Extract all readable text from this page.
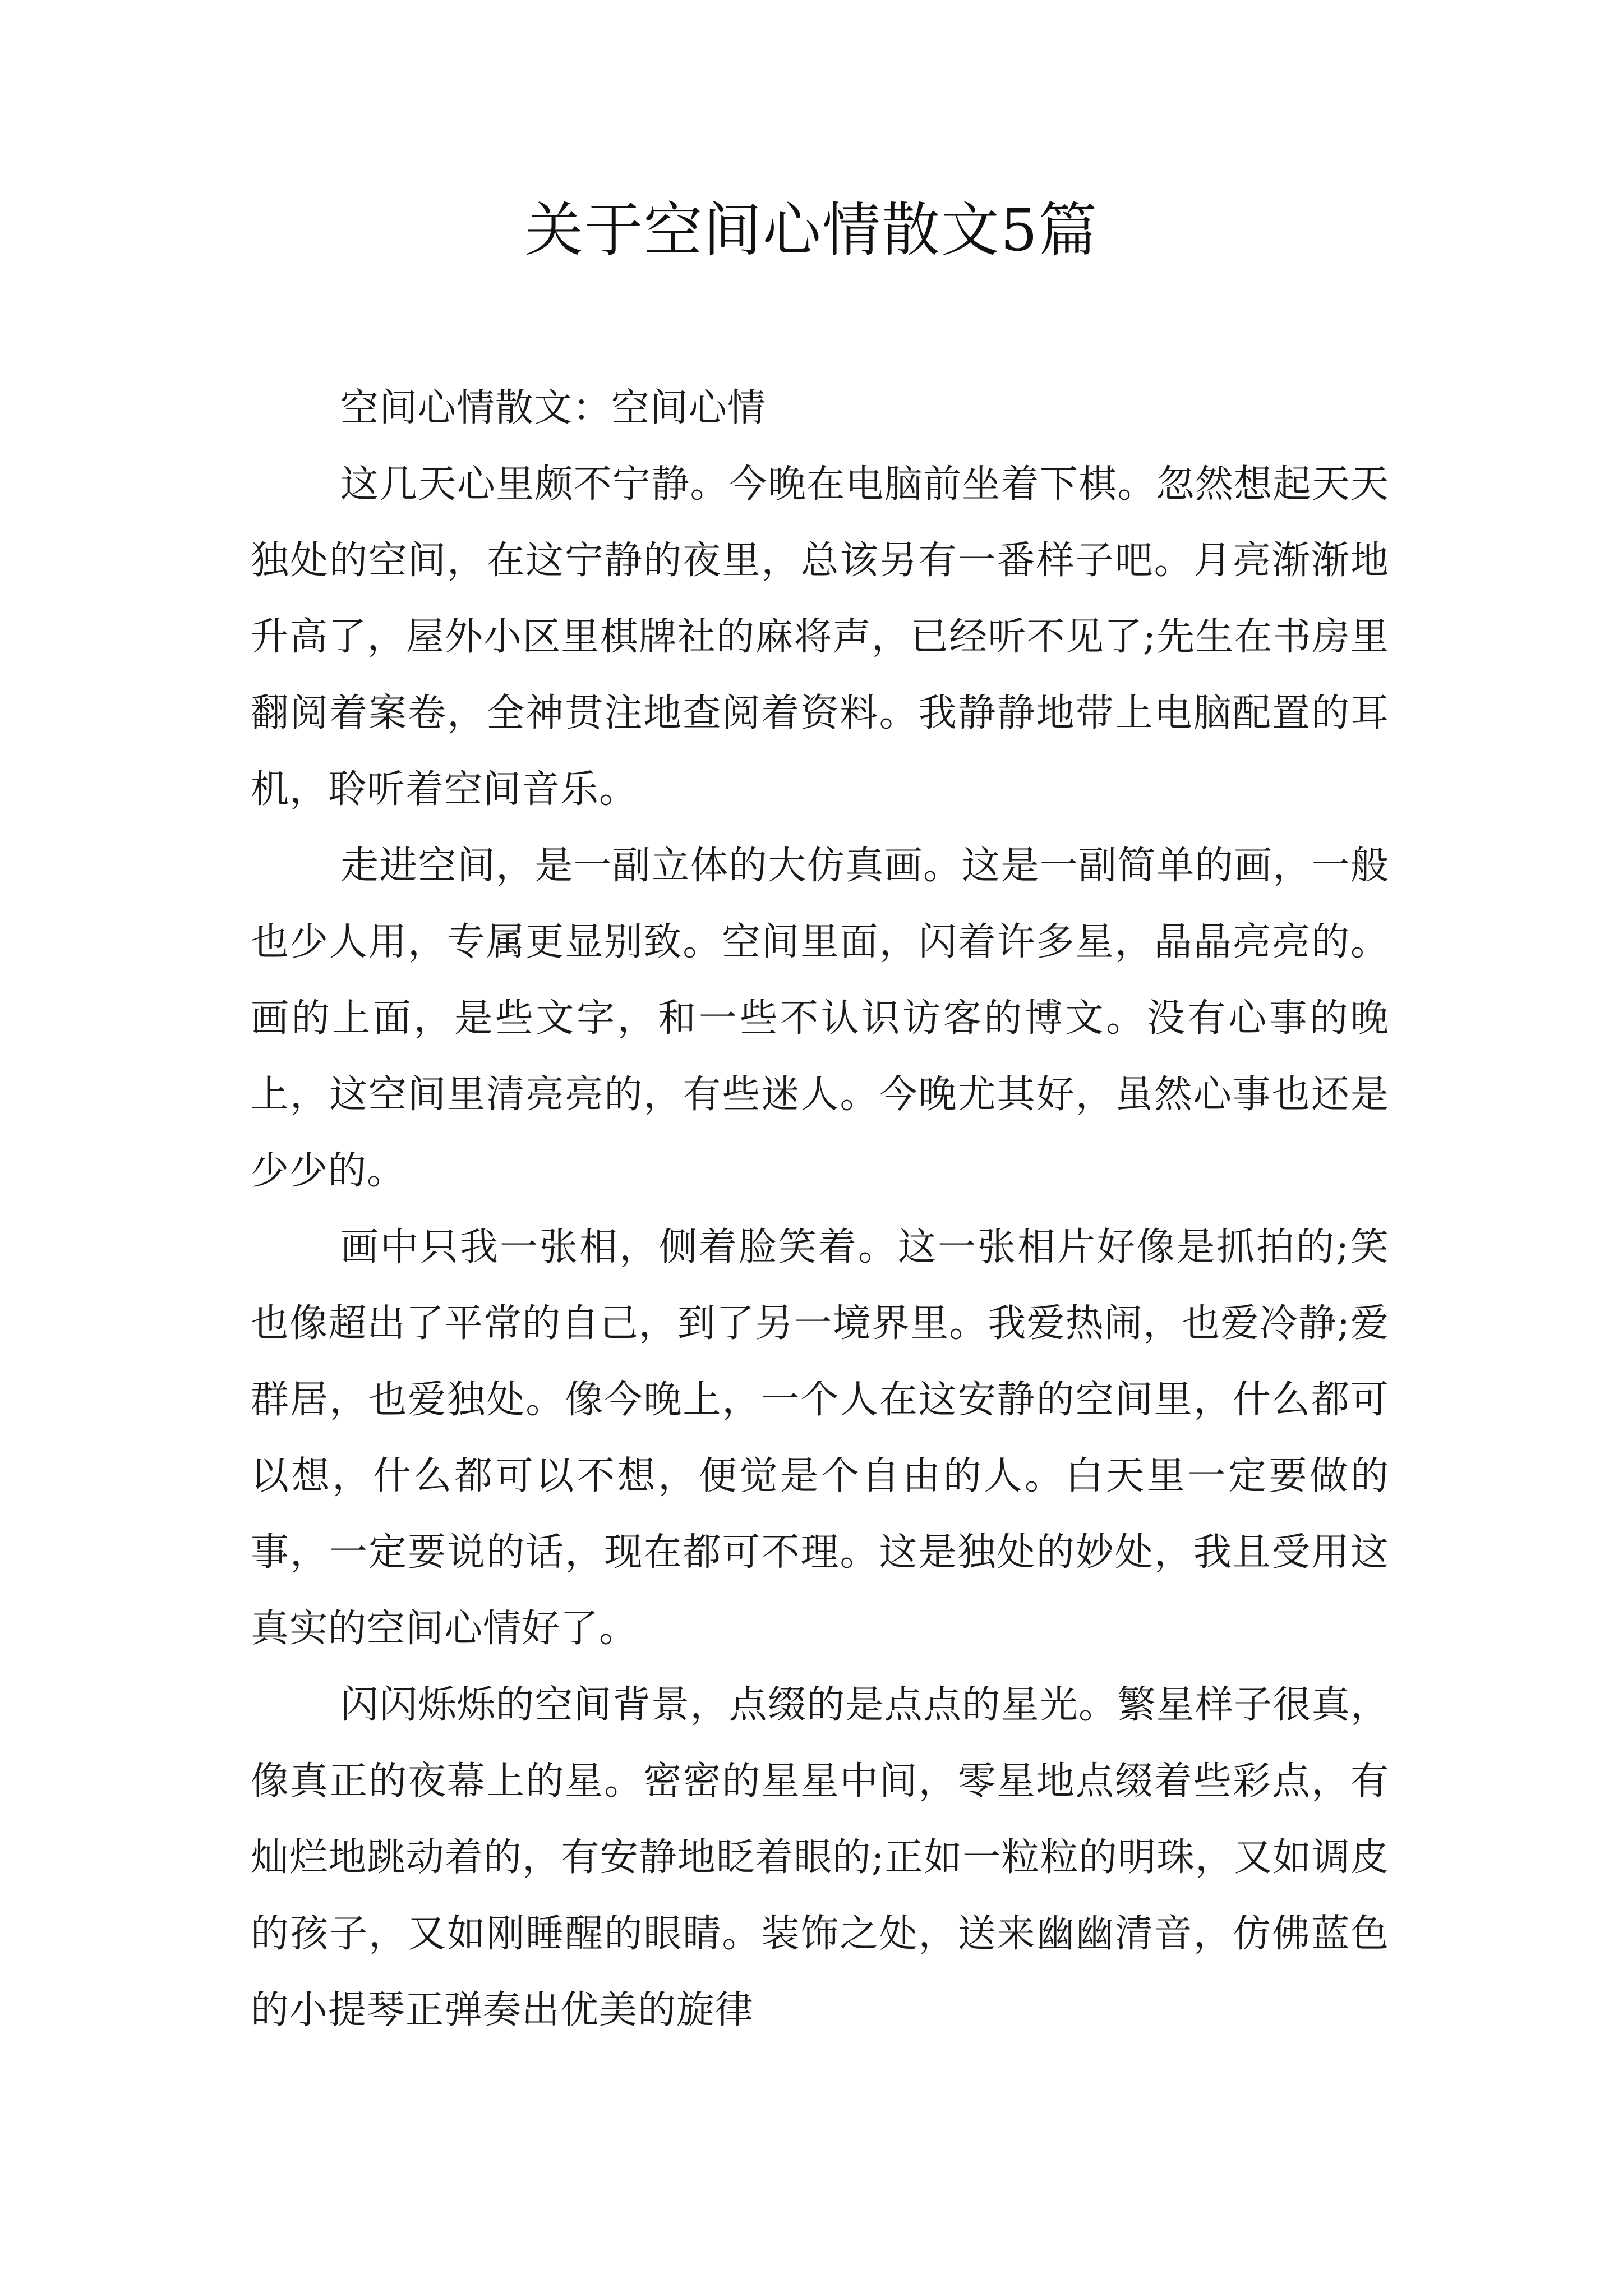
关于空间心情散文5篇

空间心情散文：空间心情

这几天心里颇不宁静。今晚在电脑前坐着下棋。忽然想起天天独处的空间，在这宁静的夜里，总该另有一番样子吧。月亮渐渐地升高了，屋外小区里棋牌社的麻将声，已经听不见了;先生在书房里翻阅着案卷，全神贯注地查阅着资料。我静静地带上电脑配置的耳机，聆听着空间音乐。

走进空间，是一副立体的大仿真画。这是一副简单的画，一般也少人用，专属更显别致。空间里面，闪着许多星，晶晶亮亮的。画的上面，是些文字，和一些不认识访客的博文。没有心事的晚上，这空间里清亮亮的，有些迷人。今晚尤其好，虽然心事也还是少少的。

画中只我一张相，侧着脸笑着。这一张相片好像是抓拍的;笑也像超出了平常的自己，到了另一境界里。我爱热闹，也爱冷静;爱群居，也爱独处。像今晚上，一个人在这安静的空间里，什么都可以想，什么都可以不想，便觉是个自由的人。白天里一定要做的事，一定要说的话，现在都可不理。这是独处的妙处，我且受用这真实的空间心情好了。

闪闪烁烁的空间背景，点缀的是点点的星光。繁星样子很真，像真正的夜幕上的星。密密的星星中间，零星地点缀着些彩点，有灿烂地跳动着的，有安静地眨着眼的;正如一粒粒的明珠，又如调皮的孩子，又如刚睡醒的眼睛。装饰之处，送来幽幽清音，仿佛蓝色的小提琴正弹奏出优美的旋律
